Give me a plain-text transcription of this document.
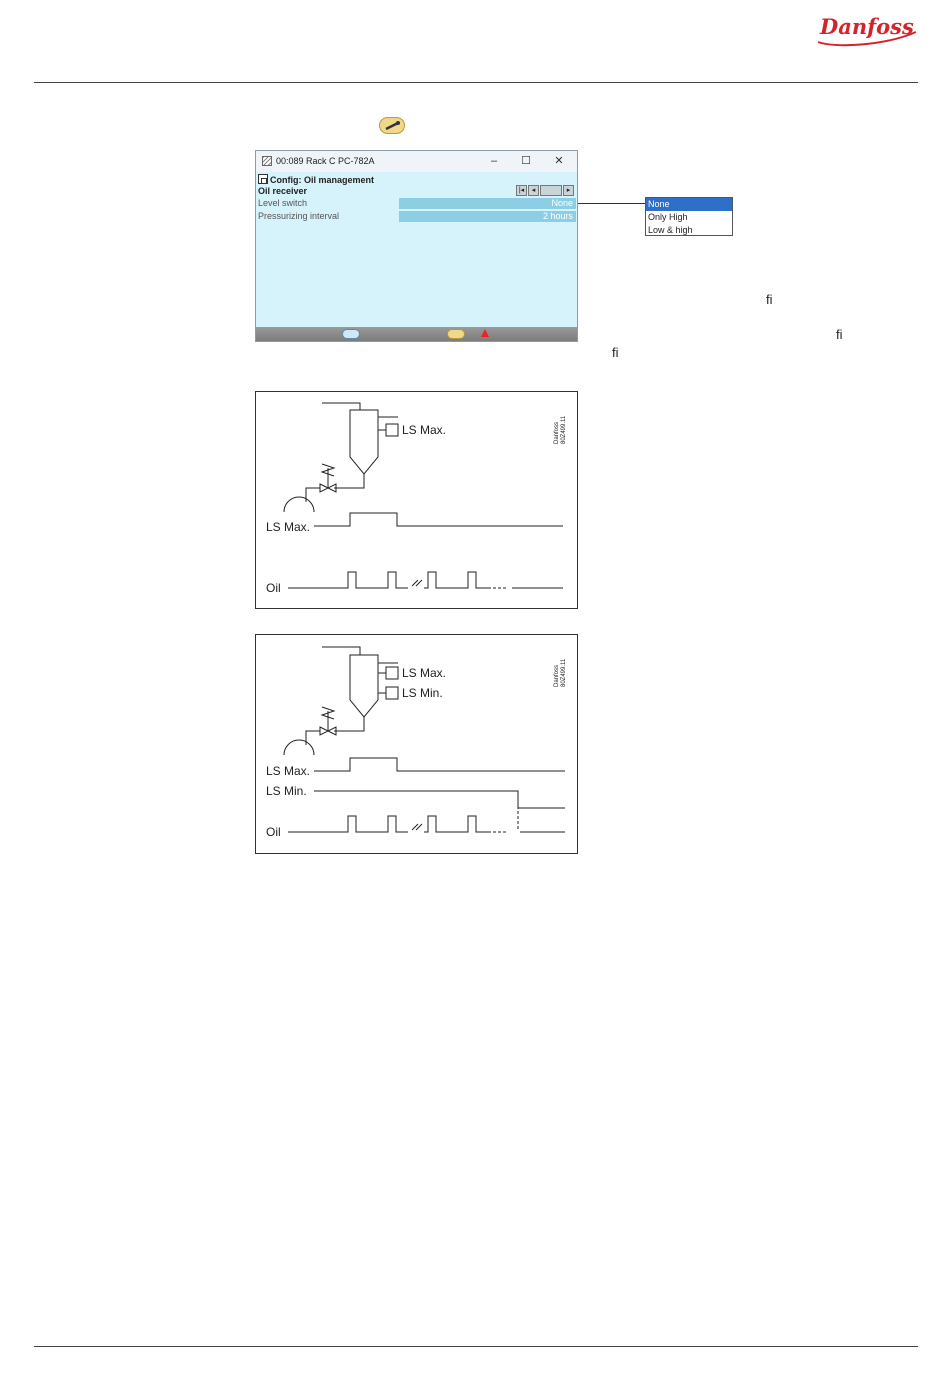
Danfoss
ﬁ
ﬁ
ﬁ
00:089 Rack C PC-782A	–	☐	✕
Config: Oil management
Oil receiver	|◂	◂	▸
Level switch	None
Pressurizing interval	2 hours
None
Only High
Low & high
LS Max.
LS Max.
Oil
Danfoss 80Z499.11
LS Max.
LS Min.
LS Max.
LS Min.
Oil
Danfoss 80Z499.11
